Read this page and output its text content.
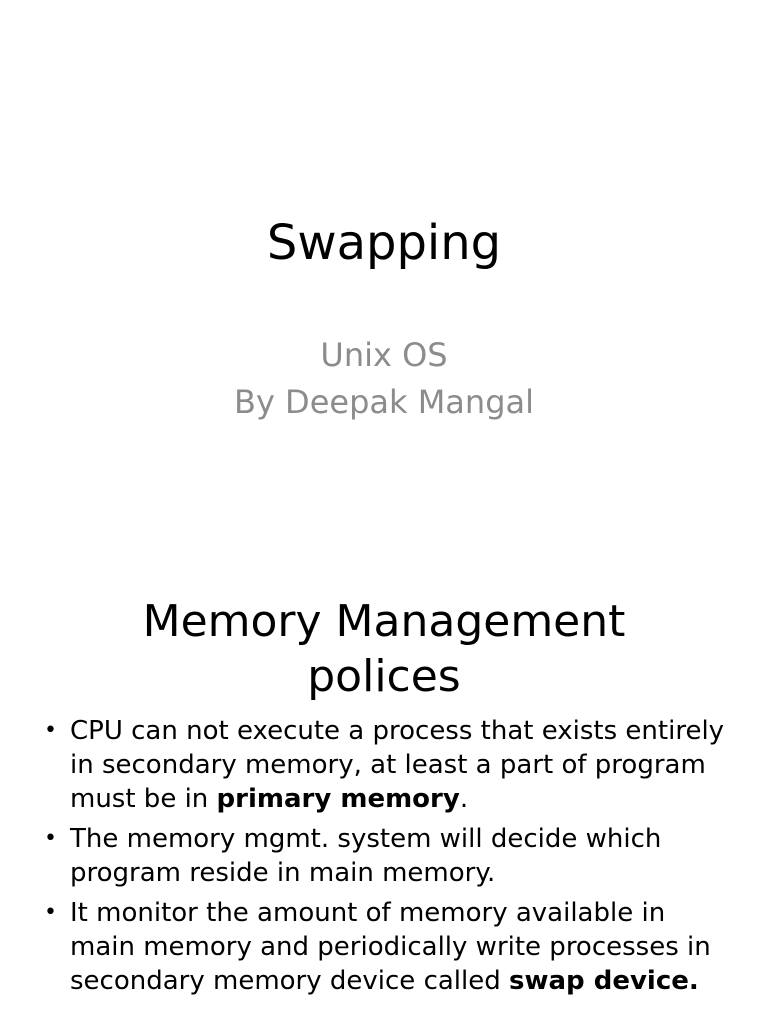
Swapping
Unix OS
By Deepak Mangal
Memory Management
polices
• CPU can not execute a process that exists entirely in secondary memory, at least a part of program must be in primary memory.
• The memory mgmt. system will decide which program reside in main memory.
• It monitor the amount of memory available in main memory and periodically write processes in secondary memory device called swap device.
